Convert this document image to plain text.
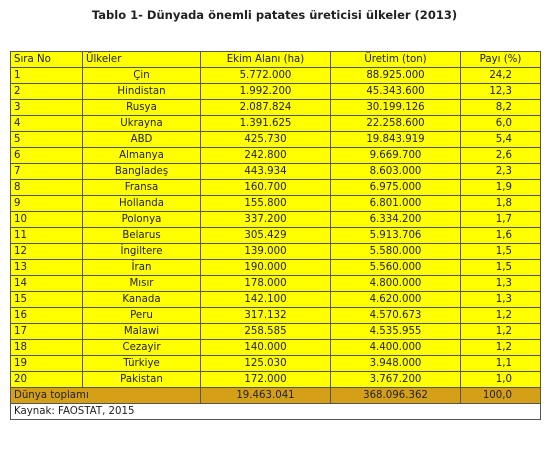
Tablo 1- Dünyada önemli patates üreticisi ülkeler (2013)
Sıra No	Ülkeler	Ekim Alanı (ha)	Üretim (ton)	Payı (%)
1	Çin	5.772.000	88.925.000	24,2
2	Hindistan	1.992.200	45.343.600	12,3
3	Rusya	2.087.824	30.199.126	8,2
4	Ukrayna	1.391.625	22.258.600	6,0
5	ABD	425.730	19.843.919	5,4
6	Almanya	242.800	9.669.700	2,6
7	Bangladeş	443.934	8.603.000	2,3
8	Fransa	160.700	6.975.000	1,9
9	Hollanda	155.800	6.801.000	1,8
10	Polonya	337.200	6.334.200	1,7
11	Belarus	305.429	5.913.706	1,6
12	İngiltere	139.000	5.580.000	1,5
13	İran	190.000	5.560.000	1,5
14	Mısır	178.000	4.800.000	1,3
15	Kanada	142.100	4.620.000	1,3
16	Peru	317.132	4.570.673	1,2
17	Malawi	258.585	4.535.955	1,2
18	Cezayir	140.000	4.400.000	1,2
19	Türkiye	125.030	3.948.000	1,1
20	Pakistan	172.000	3.767.200	1,0
Dünya toplamı		19.463.041	368.096.362	100,0
Kaynak: FAOSTAT, 2015				
